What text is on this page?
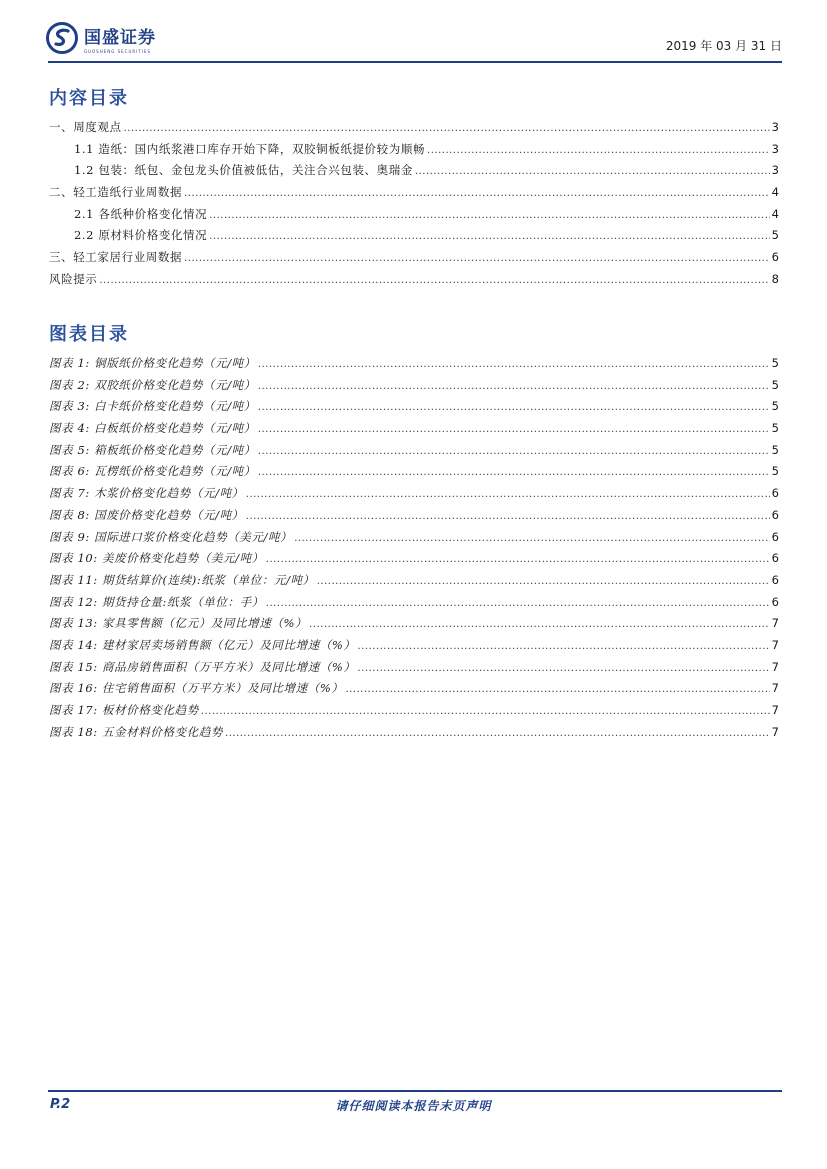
国盛证券
GUOSHENG SECURITIES	2019 年 03 月 31 日
内容目录
一、周度观点 .....	3
1.1 造纸：国内纸浆港口库存开始下降，双胶铜板纸提价较为顺畅 .....	3
1.2 包装：纸包、金包龙头价值被低估，关注合兴包装、奥瑞金 .....	3
二、轻工造纸行业周数据 .....	4
2.1 各纸种价格变化情况 .....	4
2.2 原材料价格变化情况 .....	5
三、轻工家居行业周数据 .....	6
风险提示 .....	8
图表目录
图表 1: 铜版纸价格变化趋势（元/吨） .....	5
图表 2: 双胶纸价格变化趋势（元/吨） .....	5
图表 3: 白卡纸价格变化趋势（元/吨） .....	5
图表 4: 白板纸价格变化趋势（元/吨） .....	5
图表 5: 箱板纸价格变化趋势（元/吨） .....	5
图表 6: 瓦楞纸价格变化趋势（元/吨） .....	5
图表 7: 木浆价格变化趋势（元/吨） .....	6
图表 8: 国废价格变化趋势（元/吨） .....	6
图表 9: 国际进口浆价格变化趋势（美元/吨） .....	6
图表 10: 美废价格变化趋势（美元/吨） .....	6
图表 11: 期货结算价(连续):纸浆（单位：元/吨） .....	6
图表 12: 期货持仓量:纸浆（单位：手） .....	6
图表 13: 家具零售额（亿元）及同比增速（%） .....	7
图表 14: 建材家居卖场销售额（亿元）及同比增速（%） .....	7
图表 15: 商品房销售面积（万平方米）及同比增速（%） .....	7
图表 16: 住宅销售面积（万平方米）及同比增速（%） .....	7
图表 17: 板材价格变化趋势 .....	7
图表 18: 五金材料价格变化趋势 .....	7
P.2	请仔细阅读本报告末页声明
